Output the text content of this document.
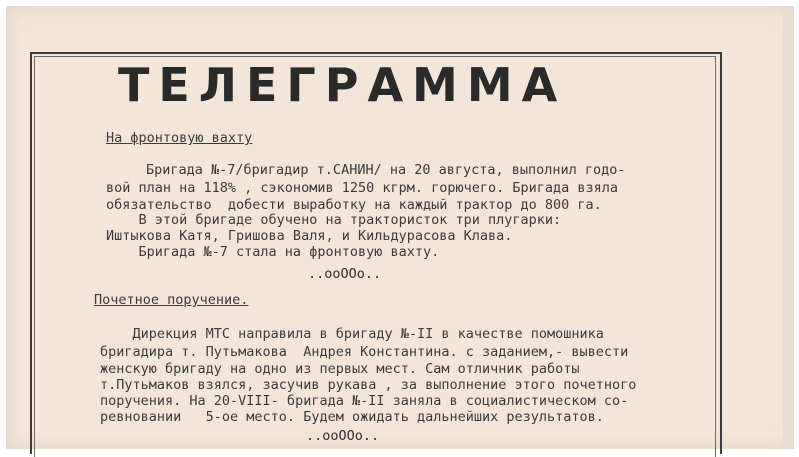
ТЕЛЕГРАММА
На фронтовую вахту
Бригада №-7/бригадир т.САНИН/ на 20 августа, выполнил годо-
вой план на 118% , сэкономив 1250 кгрм. горючего. Бригада взяла
обязательство  добести выработку на каждый трактор до 800 га.
В этой бригаде обучено на трактористок три плугарки:
Иштыкова Катя, Гришова Валя, и Кильдурасова Клава.
Бригада №-7 стала на фронтовую вахту.
..ооООо..
Почетное поручение.
Дирекция МТС направила в бригаду №-II в качестве помошника
бригадира т. Путьмакова  Андрея Константина. с заданием,- вывести
женскую бригаду на одно из первых мест. Сам отличник работы
т.Путьмаков взялся, засучив рукава , за выполнение этого почетного
поручения. На 20-VIII- бригада №-II заняла в социалистическом со-
ревновании   5-ое место. Будем ожидать дальнейших результатов.
..ооООо..
